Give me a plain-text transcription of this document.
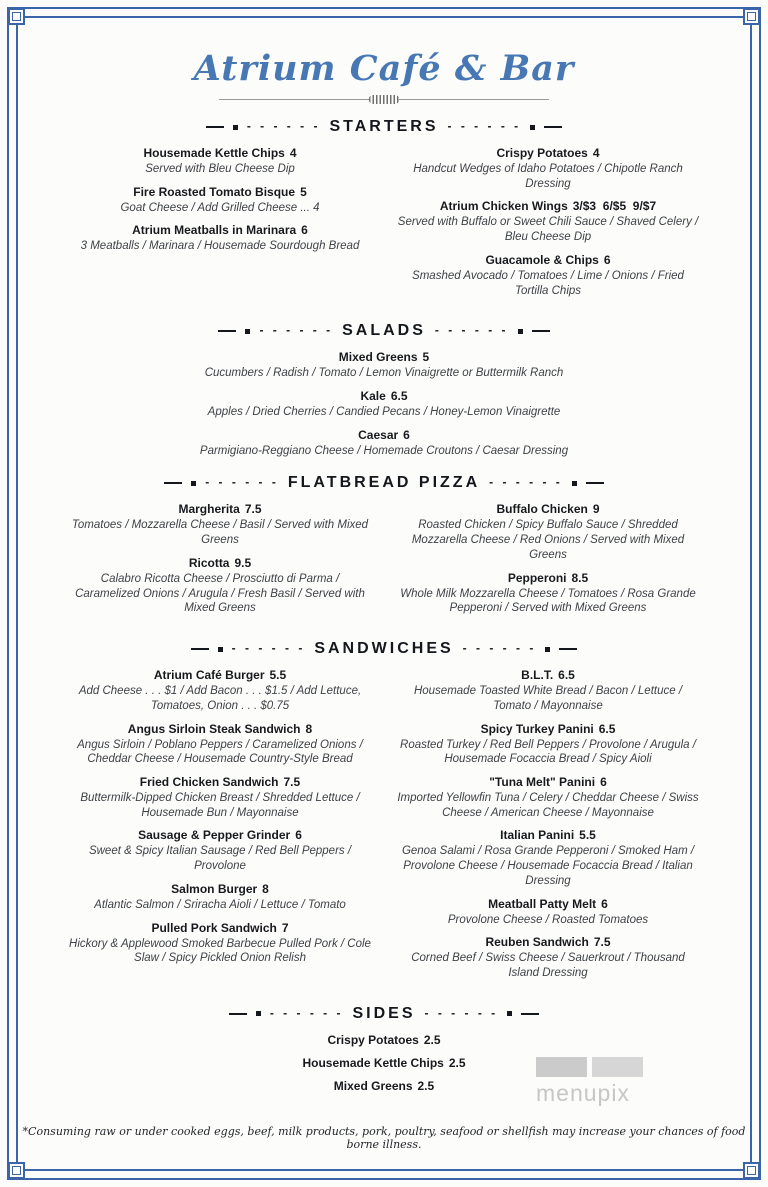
Atrium Café & Bar
- - - - - - STARTERS - - - - - -
Housemade Kettle Chips 4
Served with Bleu Cheese Dip
Fire Roasted Tomato Bisque 5
Goat Cheese / Add Grilled Cheese ... 4
Atrium Meatballs in Marinara 6
3 Meatballs / Marinara / Housemade Sourdough Bread
Crispy Potatoes 4
Handcut Wedges of Idaho Potatoes / Chipotle Ranch Dressing
Atrium Chicken Wings 3/$3  6/$5  9/$7
Served with Buffalo or Sweet Chili Sauce / Shaved Celery / Bleu Cheese Dip
Guacamole & Chips 6
Smashed Avocado / Tomatoes / Lime / Onions / Fried Tortilla Chips
- - - - - - SALADS - - - - - -
Mixed Greens 5
Cucumbers / Radish / Tomato / Lemon Vinaigrette or Buttermilk Ranch
Kale 6.5
Apples / Dried Cherries / Candied Pecans / Honey-Lemon Vinaigrette
Caesar 6
Parmigiano-Reggiano Cheese / Homemade Croutons / Caesar Dressing
- - - - - - FLATBREAD PIZZA - - - - - -
Margherita 7.5
Tomatoes / Mozzarella Cheese / Basil / Served with Mixed Greens
Ricotta 9.5
Calabro Ricotta Cheese / Prosciutto di Parma / Caramelized Onions / Arugula / Fresh Basil / Served with Mixed Greens
Buffalo Chicken 9
Roasted Chicken / Spicy Buffalo Sauce / Shredded Mozzarella Cheese / Red Onions / Served with Mixed Greens
Pepperoni 8.5
Whole Milk Mozzarella Cheese / Tomatoes / Rosa Grande Pepperoni / Served with Mixed Greens
- - - - - - SANDWICHES - - - - - -
Atrium Café Burger 5.5
Add Cheese . . . $1 / Add Bacon . . . $1.5 / Add Lettuce, Tomatoes, Onion . . . $0.75
Angus Sirloin Steak Sandwich 8
Angus Sirloin / Poblano Peppers / Caramelized Onions / Cheddar Cheese / Housemade Country-Style Bread
Fried Chicken Sandwich 7.5
Buttermilk-Dipped Chicken Breast / Shredded Lettuce / Housemade Bun / Mayonnaise
Sausage & Pepper Grinder 6
Sweet & Spicy Italian Sausage / Red Bell Peppers / Provolone
Salmon Burger 8
Atlantic Salmon / Sriracha Aioli / Lettuce / Tomato
Pulled Pork Sandwich 7
Hickory & Applewood Smoked Barbecue Pulled Pork / Cole Slaw / Spicy Pickled Onion Relish
B.L.T. 6.5
Housemade Toasted White Bread / Bacon / Lettuce / Tomato / Mayonnaise
Spicy Turkey Panini 6.5
Roasted Turkey / Red Bell Peppers / Provolone / Arugula / Housemade Focaccia Bread / Spicy Aioli
"Tuna Melt" Panini 6
Imported Yellowfin Tuna / Celery / Cheddar Cheese / Swiss Cheese / American Cheese / Mayonnaise
Italian Panini 5.5
Genoa Salami / Rosa Grande Pepperoni / Smoked Ham / Provolone Cheese / Housemade Focaccia Bread / Italian Dressing
Meatball Patty Melt 6
Provolone Cheese / Roasted Tomatoes
Reuben Sandwich 7.5
Corned Beef / Swiss Cheese / Sauerkrout / Thousand Island Dressing
- - - - - - SIDES - - - - - -
Crispy Potatoes 2.5
Housemade Kettle Chips 2.5
Mixed Greens 2.5	menupix
*Consuming raw or under cooked eggs, beef, milk products, pork, poultry, seafood or shellfish may increase your chances of food borne illness.
